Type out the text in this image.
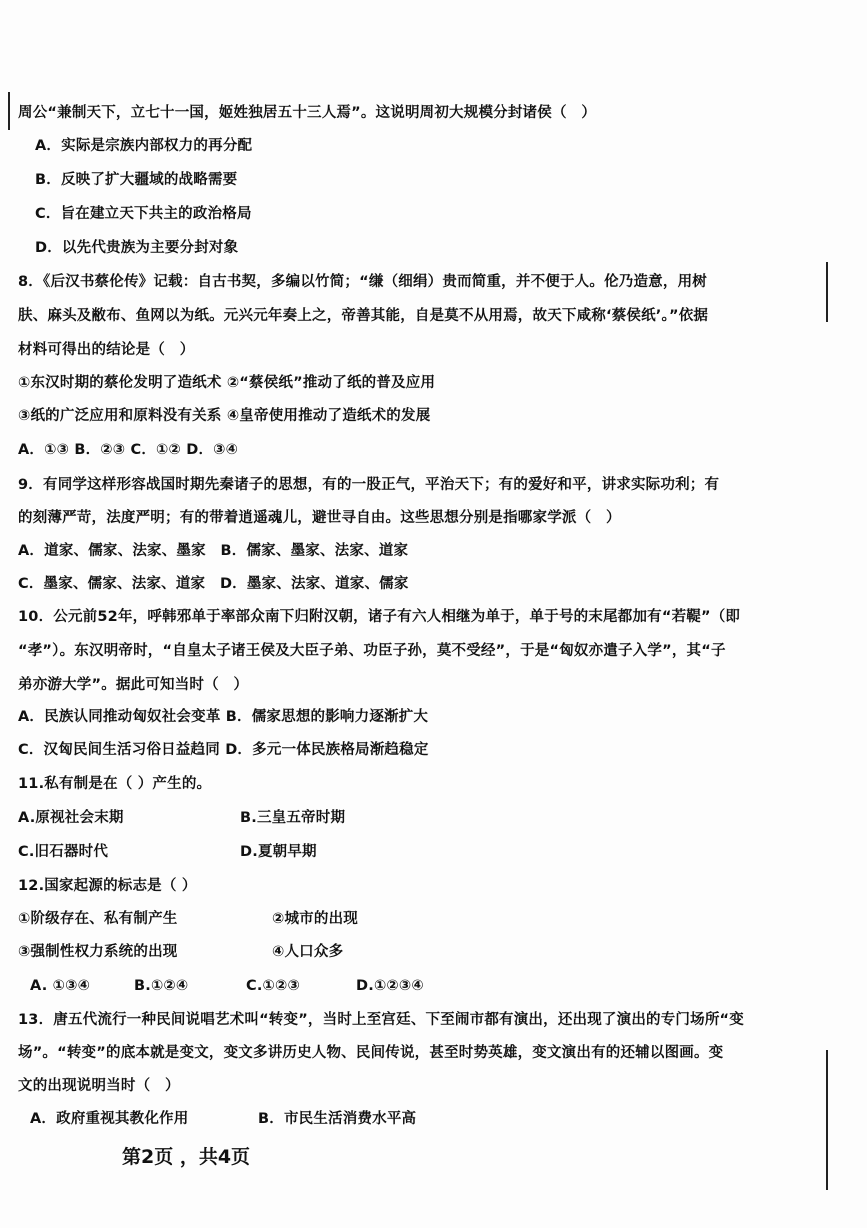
周公“兼制天下，立七十一国，姬姓独居五十三人焉”。这说明周初大规模分封诸侯（　）
A．实际是宗族内部权力的再分配
B．反映了扩大疆域的战略需要
C．旨在建立天下共主的政治格局
D．以先代贵族为主要分封对象
8．《后汉书蔡伦传》记载：自古书契，多编以竹简；“缣（细绢）贵而简重，并不便于人。伦乃造意，用树
肤、麻头及敝布、鱼网以为纸。元兴元年奏上之，帝善其能，自是莫不从用焉，故天下咸称‘蔡侯纸’。”依据
材料可得出的结论是（　）
①东汉时期的蔡伦发明了造纸术 ②“蔡侯纸”推动了纸的普及应用
③纸的广泛应用和原料没有关系 ④皇帝使用推动了造纸术的发展
A．①③ B．②③ C．①② D．③④
9．有同学这样形容战国时期先秦诸子的思想，有的一股正气，平治天下；有的爱好和平，讲求实际功利；有
的刻薄严苛，法度严明；有的带着逍遥魂儿，避世寻自由。这些思想分别是指哪家学派（　）
A．道家、儒家、法家、墨家　B．儒家、墨家、法家、道家
C．墨家、儒家、法家、道家　D．墨家、法家、道家、儒家
10．公元前52年，呼韩邪单于率部众南下归附汉朝，诸子有六人相继为单于，单于号的末尾都加有“若鞮”（即
“孝”）。东汉明帝时，“自皇太子诸王侯及大臣子弟、功臣子孙，莫不受经”，于是“匈奴亦遣子入学”，其“子
弟亦游大学”。据此可知当时（　）
A．民族认同推动匈奴社会变革 B．儒家思想的影响力逐渐扩大
C．汉匈民间生活习俗日益趋同 D．多元一体民族格局渐趋稳定
11.私有制是在（ ）产生的。
A.原视社会末期	B.三皇五帝时期
C.旧石器时代	D.夏朝早期
12.国家起源的标志是（ ）
①阶级存在、私有制产生	②城市的出现
③强制性权力系统的出现	④人口众多
A. ①③④	B.①②④	C.①②③	D.①②③④
13．唐五代流行一种民间说唱艺术叫“转变”，当时上至宫廷、下至闹市都有演出，还出现了演出的专门场所“变
场”。“转变”的底本就是变文，变文多讲历史人物、民间传说，甚至时势英雄，变文演出有的还辅以图画。变
文的出现说明当时（　）
A．政府重视其教化作用	B．市民生活消费水平高
第2页 ，共4页
